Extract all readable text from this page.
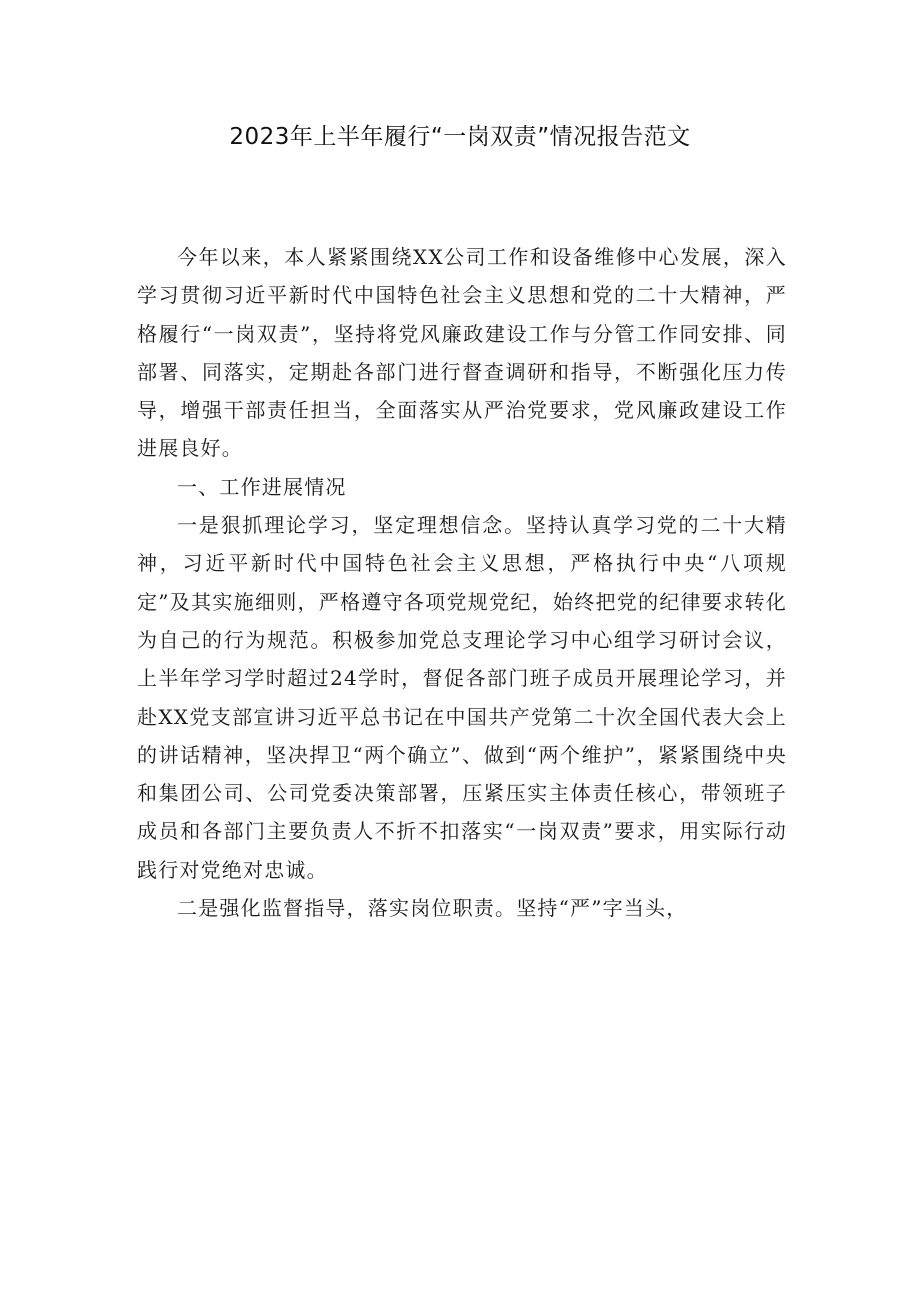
2023年上半年履行“一岗双责”情况报告范文

今年以来，本人紧紧围绕XX公司工作和设备维修中心发展，深入学习贯彻习近平新时代中国特色社会主义思想和党的二十大精神，严格履行“一岗双责”，坚持将党风廉政建设工作与分管工作同安排、同部署、同落实，定期赴各部门进行督查调研和指导，不断强化压力传导，增强干部责任担当，全面落实从严治党要求，党风廉政建设工作进展良好。

一、工作进展情况

一是狠抓理论学习，坚定理想信念。坚持认真学习党的二十大精神，习近平新时代中国特色社会主义思想，严格执行中央“八项规定”及其实施细则，严格遵守各项党规党纪，始终把党的纪律要求转化为自己的行为规范。积极参加党总支理论学习中心组学习研讨会议，上半年学习学时超过24学时，督促各部门班子成员开展理论学习，并赴XX党支部宣讲习近平总书记在中国共产党第二十次全国代表大会上的讲话精神，坚决捍卫“两个确立”、做到“两个维护”，紧紧围绕中央和集团公司、公司党委决策部署，压紧压实主体责任核心，带领班子成员和各部门主要负责人不折不扣落实“一岗双责”要求，用实际行动践行对党绝对忠诚。

二是强化监督指导，落实岗位职责。坚持“严”字当头，
